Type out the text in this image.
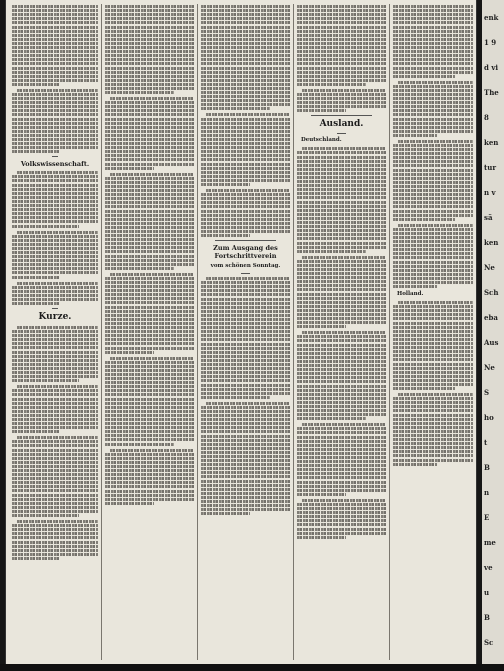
Volkswissenschaft.
Kurze.
Zum Ausgang des Fortschrittverein
vom schönen Sonntag.
Ausland.
Deutschland.
Holland.
enk
1 9
d vi
The
8
ken
tur
n v
sä
ken
Ne
Sch
eba
Aus
Ne
S
ho
t
B
n
E
me
ve
u
B
Sc
